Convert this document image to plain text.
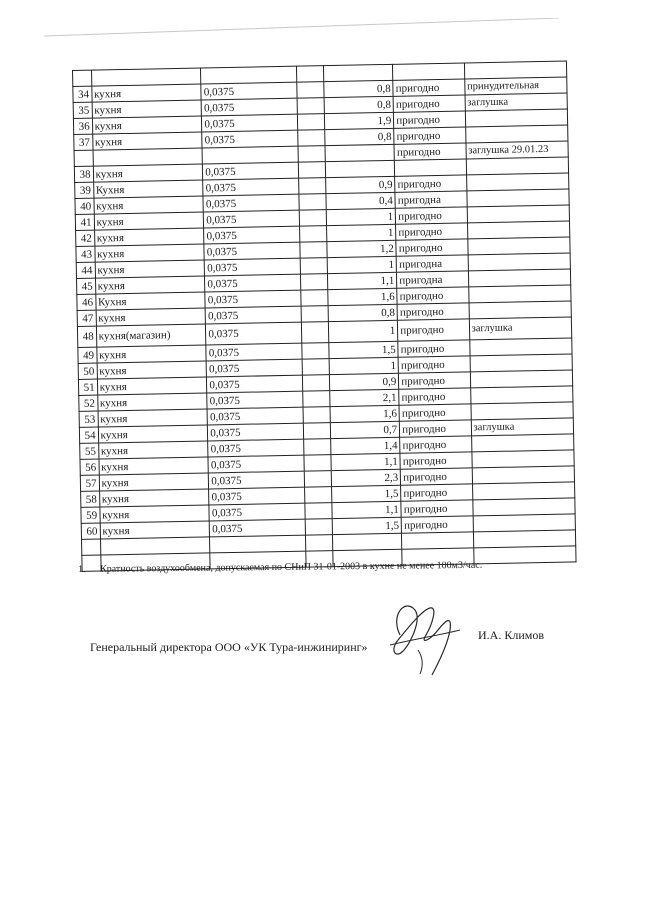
34	кухня	0,0375		0,8	пригодно	принудительная
35	кухня	0,0375		0,8	пригодно	заглушка
36	кухня	0,0375		1,9	пригодно	
37	кухня	0,0375		0,8	пригодно	
					пригодно	заглушка 29.01.23
38	кухня	0,0375				
39	Кухня	0,0375		0,9	пригодно	
40	кухня	0,0375		0,4	пригодна	
41	кухня	0,0375		1	пригодно	
42	кухня	0,0375		1	пригодно	
43	кухня	0,0375		1,2	пригодно	
44	кухня	0,0375		1	пригодна	
45	кухня	0,0375		1,1	пригодна	
46	Кухня	0,0375		1,6	пригодно	
47	кухня	0,0375		0,8	пригодно	
48	кухня(магазин)	0,0375		1	пригодно	заглушка
49	кухня	0,0375		1,5	пригодно	
50	кухня	0,0375		1	пригодно	
51	кухня	0,0375		0,9	пригодно	
52	кухня	0,0375		2,1	пригодно	
53	кухня	0,0375		1,6	пригодно	
54	кухня	0,0375		0,7	пригодно	заглушка
55	кухня	0,0375		1,4	пригодно	
56	кухня	0,0375		1,1	пригодно	
57	кухня	0,0375		2,3	пригодно	
58	кухня	0,0375		1,5	пригодно	
59	кухня	0,0375		1,1	пригодно	
60	кухня	0,0375		1,5	пригодно	

1. Кратность воздухообмена, допускаемая по СНиП 31-01-2003 в кухне не менее 100м3/час.
Генеральный директора ООО «УК Тура-инжиниринг»
И.А. Климов
